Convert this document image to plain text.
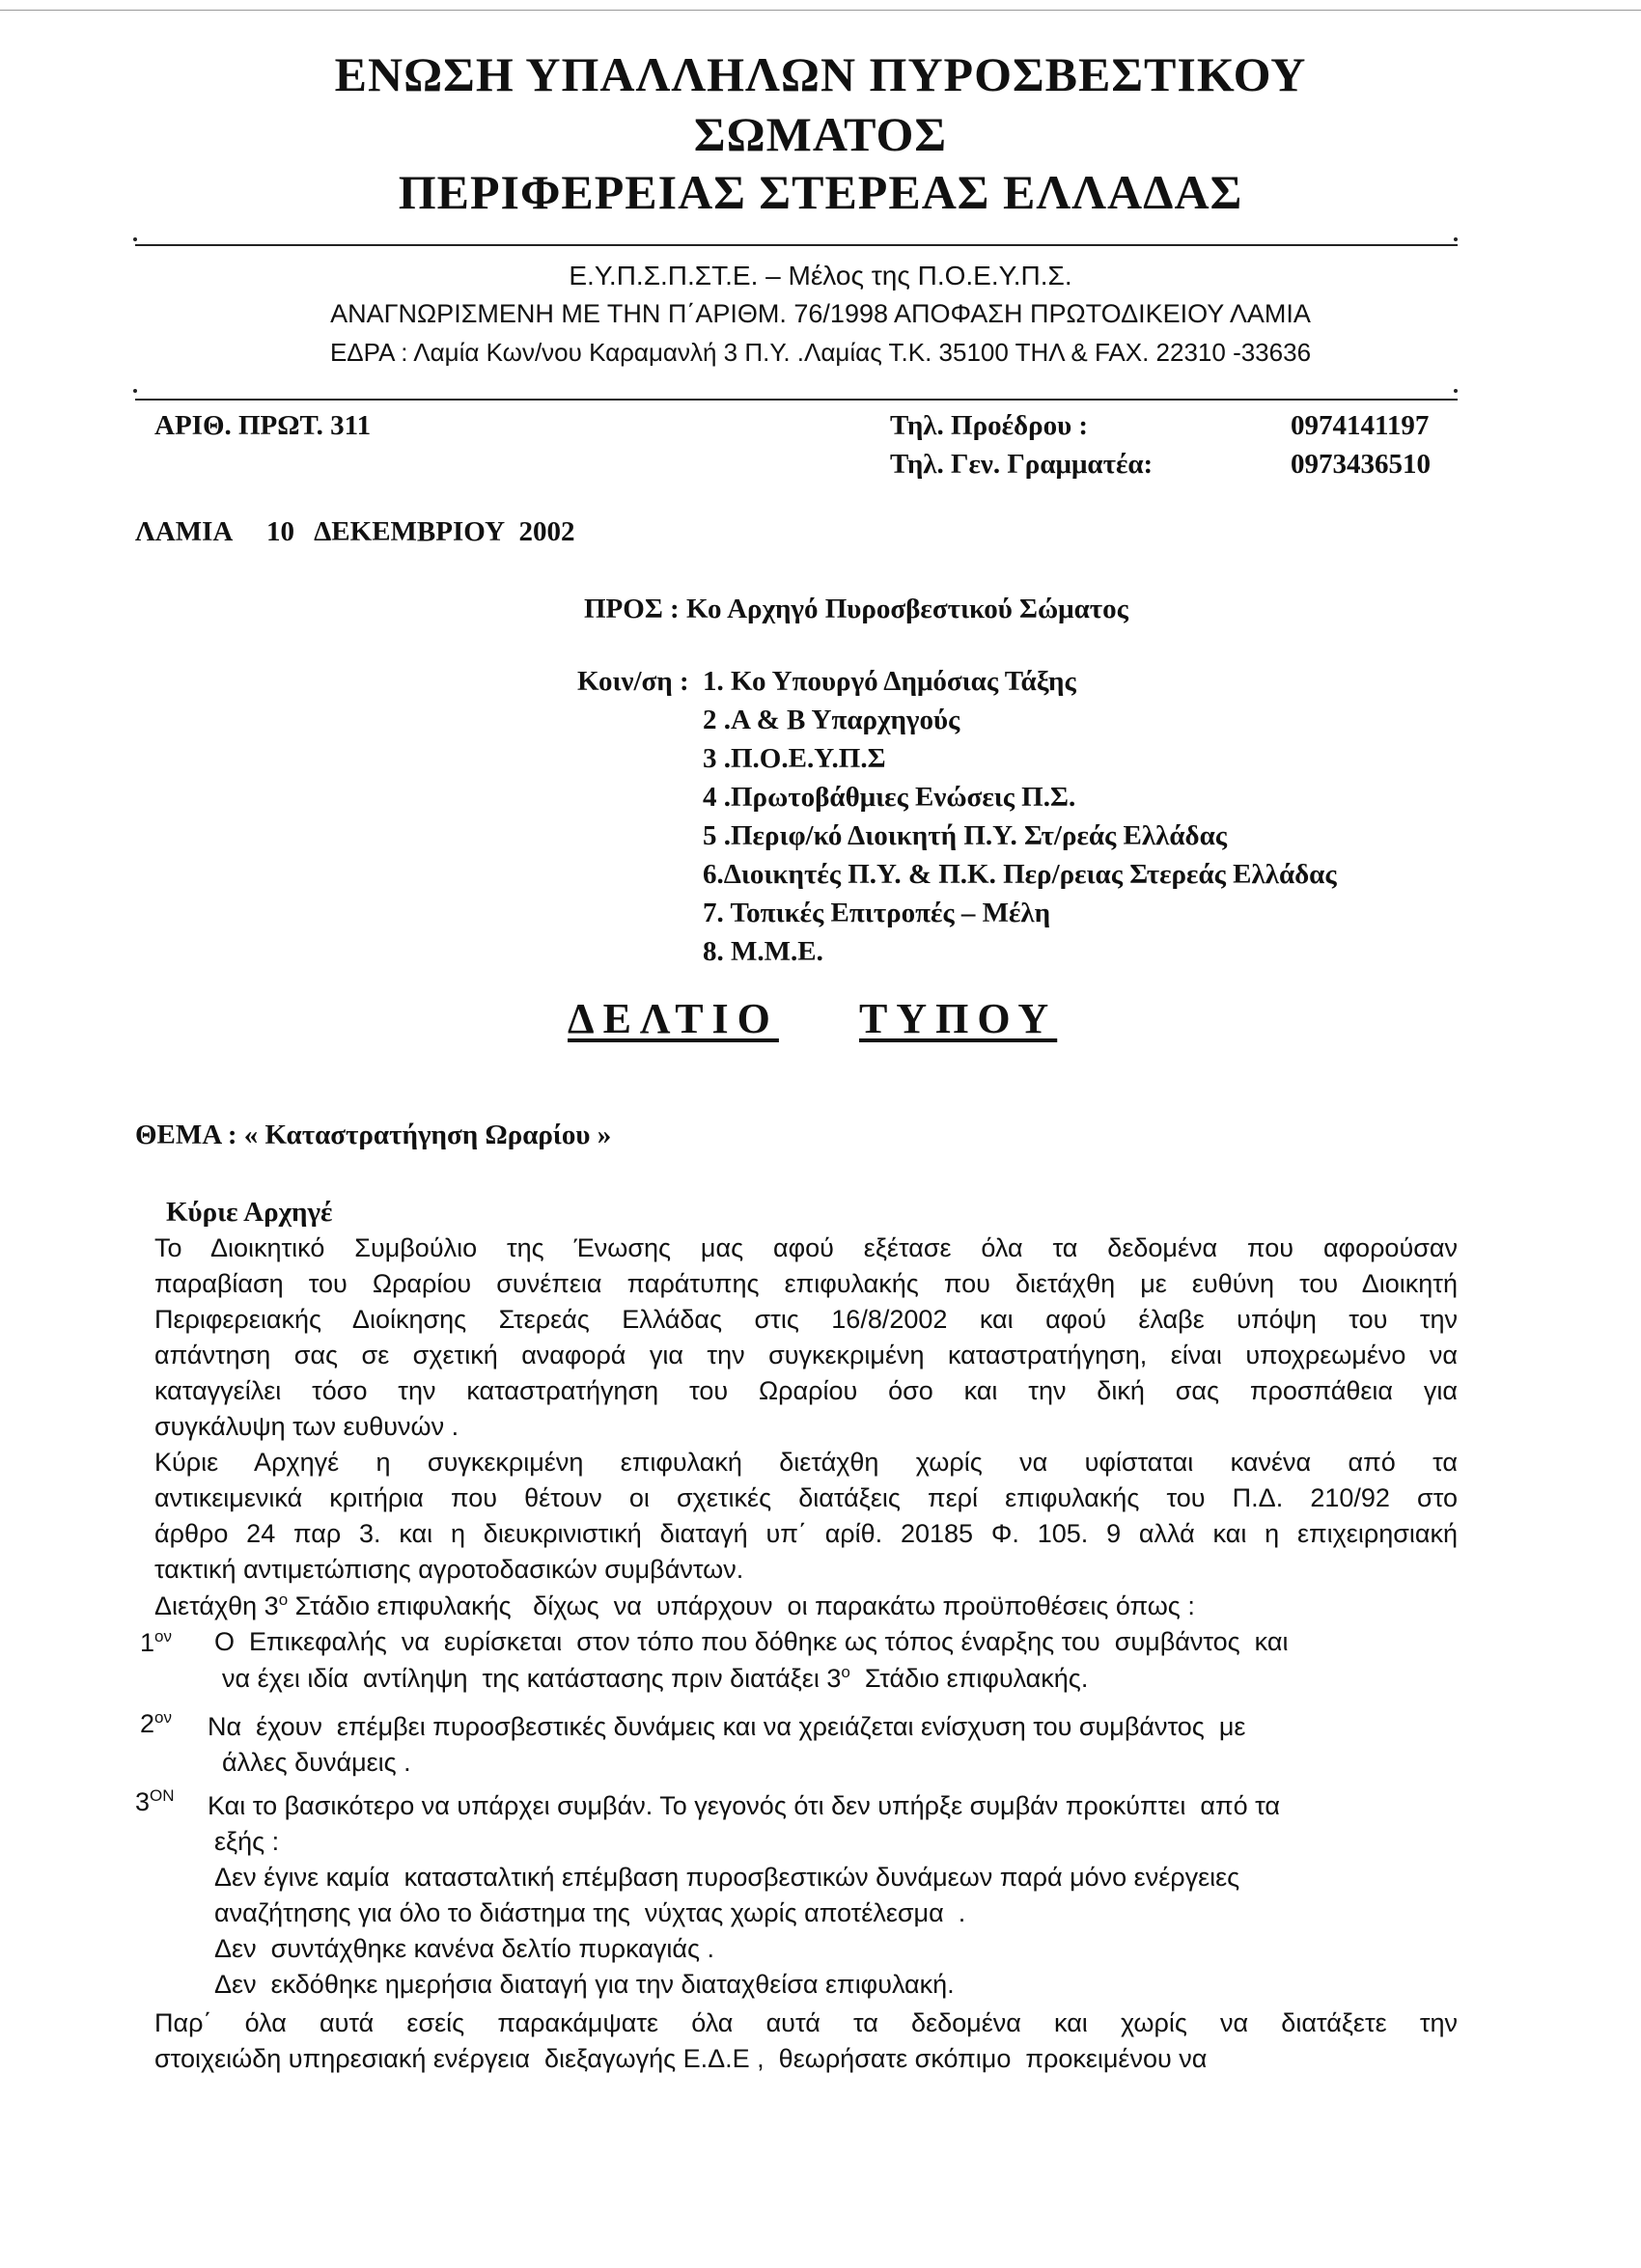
ΕΝΩΣΗ ΥΠΑΛΛΗΛΩΝ ΠΥΡΟΣΒΕΣΤΙΚΟΥ
ΣΩΜΑΤΟΣ
ΠΕΡΙΦΕΡΕΙΑΣ ΣΤΕΡΕΑΣ ΕΛΛΑΔΑΣ
Ε.Υ.Π.Σ.Π.ΣΤ.Ε. – Μέλος της Π.Ο.Ε.Υ.Π.Σ.
ΑΝΑΓΝΩΡΙΣΜΕΝΗ ΜΕ ΤΗΝ Π΄ΑΡΙΘΜ. 76/1998 ΑΠΟΦΑΣΗ ΠΡΩΤΟΔΙΚΕΙΟΥ ΛΑΜΙΑ
ΕΔΡΑ : Λαμία Κων/νου Καραμανλή 3 Π.Υ. .Λαμίας Τ.Κ. 35100 ΤΗΛ & FAX. 22310 -33636
ΑΡΙΘ. ΠΡΩΤ. 311	Τηλ. Προέδρου :	0974141197
Τηλ. Γεν. Γραμματέα:	0973436510
ΛΑΜΙΑ     10   ΔΕΚΕΜΒΡΙΟΥ  2002
ΠΡΟΣ : Κο Αρχηγό Πυροσβεστικού Σώματος
Κοιν/ση : 1. Κο Υπουργό Δημόσιας Τάξης
2 .Α & Β Υπαρχηγούς
3 .Π.Ο.Ε.Υ.Π.Σ
4 .Πρωτοβάθμιες Ενώσεις Π.Σ.
5 .Περιφ/κό Διοικητή Π.Υ. Στ/ρεάς Ελλάδας
6.Διοικητές Π.Υ. & Π.Κ. Περ/ρειας Στερεάς Ελλάδας
7. Τοπικές Επιτροπές – Μέλη
8. Μ.Μ.Ε.
ΔΕΛΤΙΟ ΤΥΠΟΥ
ΘΕΜΑ : « Καταστρατήγηση Ωραρίου »
Κύριε Αρχηγέ
Το Διοικητικό Συμβούλιο της Ένωσης μας αφού εξέτασε όλα τα δεδομένα που αφορούσαν
παραβίαση του Ωραρίου συνέπεια παράτυπης επιφυλακής που διετάχθη με ευθύνη του Διοικητή
Περιφερειακής Διοίκησης Στερεάς Ελλάδας στις 16/8/2002 και αφού έλαβε υπόψη του την
απάντηση σας σε σχετική αναφορά για την συγκεκριμένη καταστρατήγηση, είναι υποχρεωμένο να
καταγγείλει τόσο την καταστρατήγηση του Ωραρίου όσο και την δική σας προσπάθεια για
συγκάλυψη των ευθυνών .
Κύριε Αρχηγέ η συγκεκριμένη επιφυλακή διετάχθη χωρίς να υφίσταται κανένα από τα
αντικειμενικά κριτήρια που θέτουν οι σχετικές διατάξεις περί επιφυλακής του Π.Δ. 210/92 στο
άρθρο 24 παρ 3. και η διευκρινιστική διαταγή υπ΄ αρίθ. 20185 Φ. 105. 9 αλλά και η επιχειρησιακή
τακτική αντιμετώπισης αγροτοδασικών συμβάντων.
Διετάχθη $3^o$ Στάδιο επιφυλακής   δίχως  να  υπάρχουν  οι παρακάτω προϋποθέσεις όπως :
$1^{o\nu}$ Ο  Επικεφαλής  να  ευρίσκεται  στον τόπο που δόθηκε ως τόπος έναρξης του  συμβάντος  και
να έχει ιδία  αντίληψη  της κατάστασης πριν διατάξει $3^o$  Στάδιο επιφυλακής.
$2^{o\nu}$ Να  έχουν  επέμβει πυροσβεστικές δυνάμεις και να χρειάζεται ενίσχυση του συμβάντος  με
άλλες δυνάμεις .
$3^{ON}$ Και το βασικότερο να υπάρχει συμβάν. Το γεγονός ότι δεν υπήρξε συμβάν προκύπτει  από τα
εξής :
Δεν έγινε καμία  κατασταλτική επέμβαση πυροσβεστικών δυνάμεων παρά μόνο ενέργειες
αναζήτησης για όλο το διάστημα της  νύχτας χωρίς αποτέλεσμα  .
Δεν  συντάχθηκε κανένα δελτίο πυρκαγιάς .
Δεν  εκδόθηκε ημερήσια διαταγή για την διαταχθείσα επιφυλακή.
Παρ΄ όλα αυτά εσείς παρακάμψατε όλα αυτά τα δεδομένα και χωρίς να διατάξετε την
στοιχειώδη υπηρεσιακή ενέργεια  διεξαγωγής Ε.Δ.Ε ,  θεωρήσατε σκόπιμο  προκειμένου να
